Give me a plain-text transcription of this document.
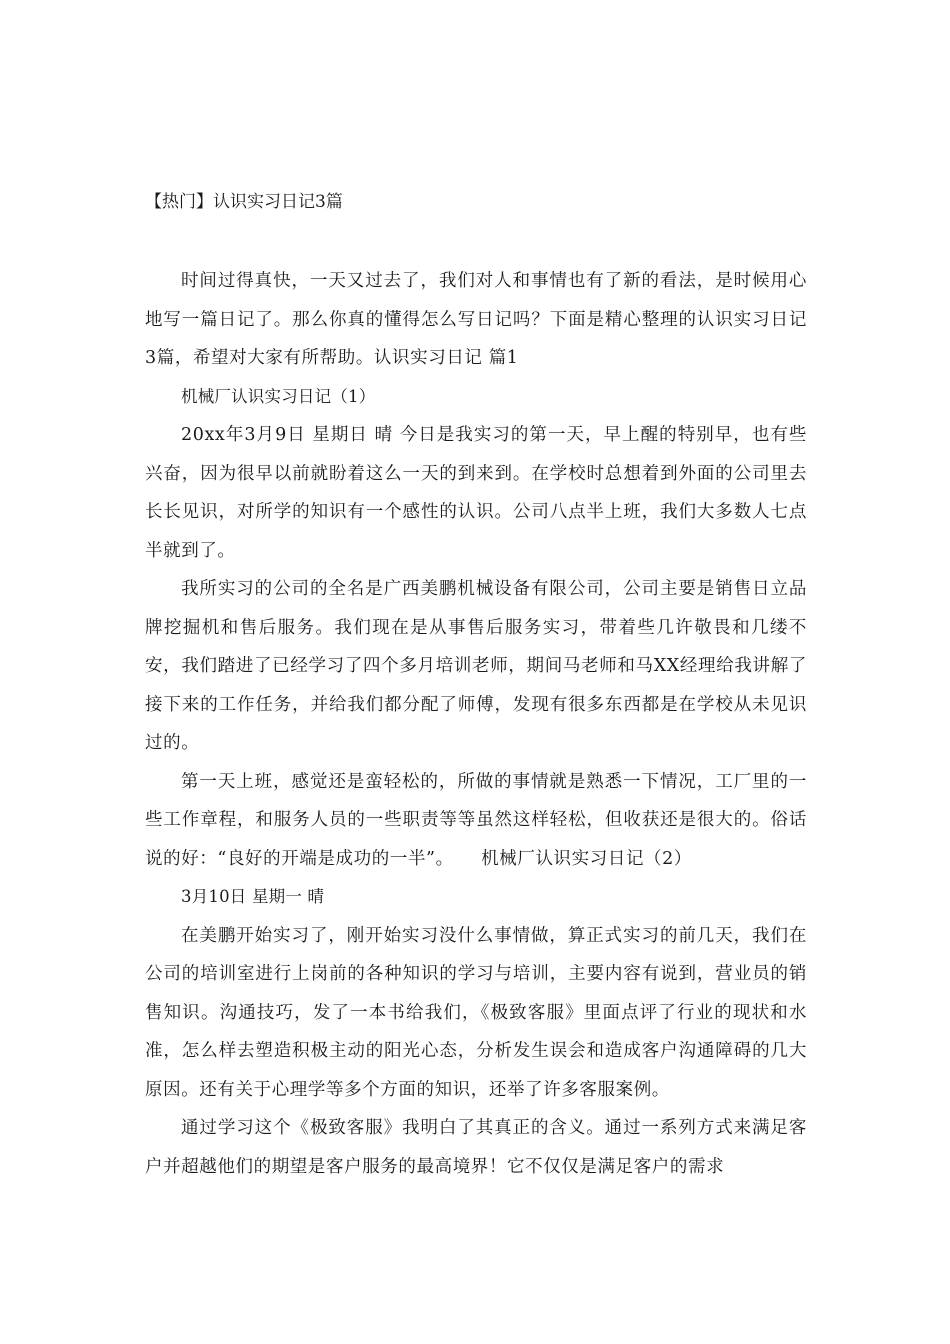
【热门】认识实习日记3篇

时间过得真快，一天又过去了，我们对人和事情也有了新的看法，是时候用心地写一篇日记了。那么你真的懂得怎么写日记吗？下面是精心整理的认识实习日记3篇，希望对大家有所帮助。认识实习日记 篇1

机械厂认识实习日记（1）

20xx年3月9日 星期日 晴 今日是我实习的第一天，早上醒的特别早，也有些兴奋，因为很早以前就盼着这么一天的到来到。在学校时总想着到外面的公司里去长长见识，对所学的知识有一个感性的认识。公司八点半上班，我们大多数人七点半就到了。

我所实习的公司的全名是广西美鹏机械设备有限公司，公司主要是销售日立品牌挖掘机和售后服务。我们现在是从事售后服务实习，带着些几许敬畏和几缕不安，我们踏进了已经学习了四个多月培训老师，期间马老师和马XX经理给我讲解了接下来的工作任务，并给我们都分配了师傅，发现有很多东西都是在学校从未见识过的。

第一天上班，感觉还是蛮轻松的，所做的事情就是熟悉一下情况，工厂里的一些工作章程，和服务人员的一些职责等等虽然这样轻松，但收获还是很大的。俗话说的好：“良好的开端是成功的一半”。　　机械厂认识实习日记（2）

3月10日 星期一 晴

在美鹏开始实习了，刚开始实习没什么事情做，算正式实习的前几天，我们在公司的培训室进行上岗前的各种知识的学习与培训，主要内容有说到，营业员的销售知识。沟通技巧，发了一本书给我们，《极致客服》里面点评了行业的现状和水准，怎么样去塑造积极主动的阳光心态，分析发生误会和造成客户沟通障碍的几大原因。还有关于心理学等多个方面的知识，还举了许多客服案例。

通过学习这个《极致客服》我明白了其真正的含义。通过一系列方式来满足客户并超越他们的期望是客户服务的最高境界！它不仅仅是满足客户的需求
